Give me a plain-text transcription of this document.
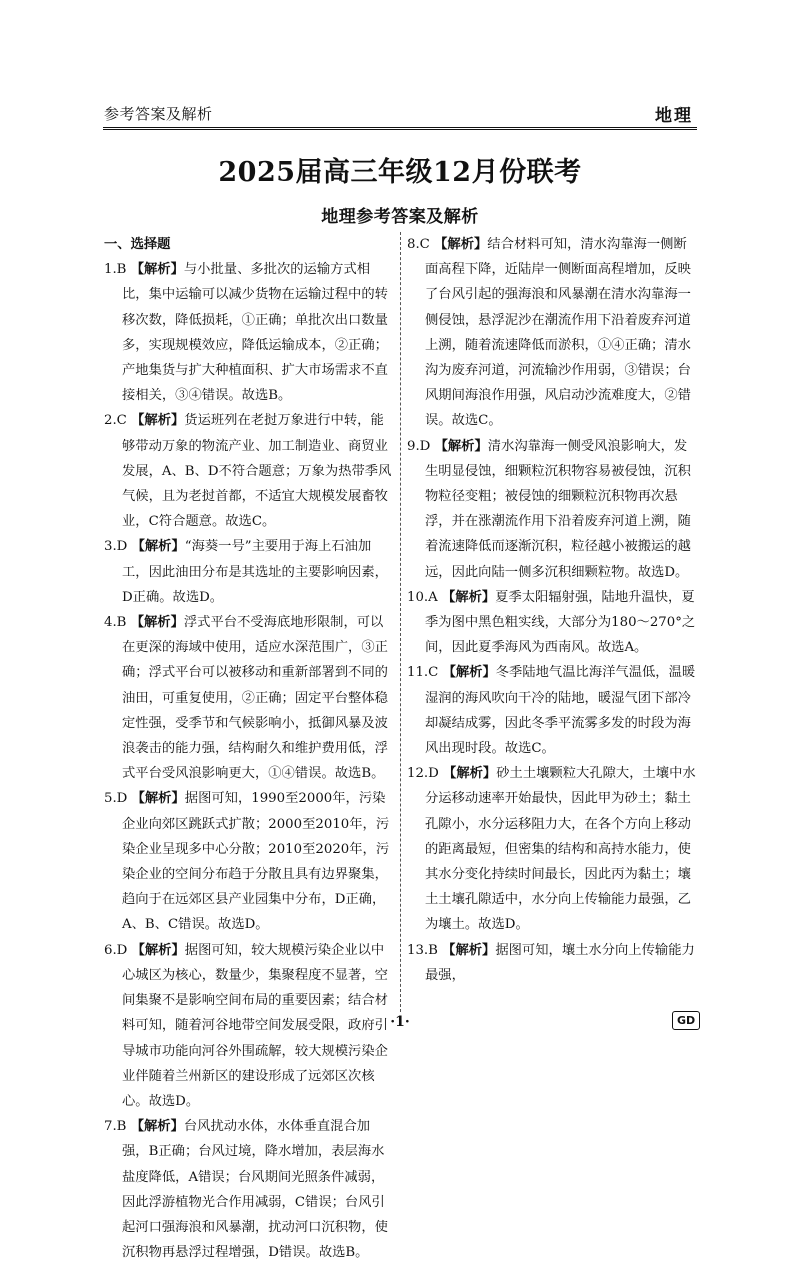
参考答案及解析	地理
2025届高三年级12月份联考
地理参考答案及解析
一、选择题

1.B 【解析】与小批量、多批次的运输方式相比，集中运输可以减少货物在运输过程中的转移次数，降低损耗，①正确；单批次出口数量多，实现规模效应，降低运输成本，②正确；产地集货与扩大种植面积、扩大市场需求不直接相关，③④错误。故选B。

2.C 【解析】货运班列在老挝万象进行中转，能够带动万象的物流产业、加工制造业、商贸业发展，A、B、D不符合题意；万象为热带季风气候，且为老挝首都，不适宜大规模发展畜牧业，C符合题意。故选C。

3.D 【解析】“海葵一号”主要用于海上石油加工，因此油田分布是其选址的主要影响因素，D正确。故选D。

4.B 【解析】浮式平台不受海底地形限制，可以在更深的海域中使用，适应水深范围广，③正确；浮式平台可以被移动和重新部署到不同的油田，可重复使用，②正确；固定平台整体稳定性强，受季节和气候影响小，抵御风暴及波浪袭击的能力强，结构耐久和维护费用低，浮式平台受风浪影响更大，①④错误。故选B。

5.D 【解析】据图可知，1990至2000年，污染企业向郊区跳跃式扩散；2000至2010年，污染企业呈现多中心分散；2010至2020年，污染企业的空间分布趋于分散且具有边界聚集，趋向于在远郊区县产业园集中分布，D正确，A、B、C错误。故选D。

6.D 【解析】据图可知，较大规模污染企业以中心城区为核心，数量少，集聚程度不显著，空间集聚不是影响空间布局的重要因素；结合材料可知，随着河谷地带空间发展受限，政府引导城市功能向河谷外围疏解，较大规模污染企业伴随着兰州新区的建设形成了远郊区次核心。故选D。

7.B 【解析】台风扰动水体，水体垂直混合加强，B正确；台风过境，降水增加，表层海水盐度降低，A错误；台风期间光照条件减弱，因此浮游植物光合作用减弱，C错误；台风引起河口强海浪和风暴潮，扰动河口沉积物，使沉积物再悬浮过程增强，D错误。故选B。

8.C 【解析】结合材料可知，清水沟靠海一侧断面高程下降，近陆岸一侧断面高程增加，反映了台风引起的强海浪和风暴潮在清水沟靠海一侧侵蚀，悬浮泥沙在潮流作用下沿着废弃河道上溯，随着流速降低而淤积，①④正确；清水沟为废弃河道，河流输沙作用弱，③错误；台风期间海浪作用强，风启动沙流难度大，②错误。故选C。

9.D 【解析】清水沟靠海一侧受风浪影响大，发生明显侵蚀，细颗粒沉积物容易被侵蚀，沉积物粒径变粗；被侵蚀的细颗粒沉积物再次悬浮，并在涨潮流作用下沿着废弃河道上溯，随着流速降低而逐渐沉积，粒径越小被搬运的越远，因此向陆一侧多沉积细颗粒物。故选D。

10.A 【解析】夏季太阳辐射强，陆地升温快，夏季为图中黑色粗实线，大部分为180～270°之间，因此夏季海风为西南风。故选A。

11.C 【解析】冬季陆地气温比海洋气温低，温暖湿润的海风吹向干冷的陆地，暖湿气团下部冷却凝结成雾，因此冬季平流雾多发的时段为海风出现时段。故选C。

12.D 【解析】砂土土壤颗粒大孔隙大，土壤中水分运移动速率开始最快，因此甲为砂土；黏土孔隙小，水分运移阻力大，在各个方向上移动的距离最短，但密集的结构和高持水能力，使其水分变化持续时间最长，因此丙为黏土；壤土土壤孔隙适中，水分向上传输能力最强，乙为壤土。故选D。

13.B 【解析】据图可知，壤土水分向上传输能力最强，

·1·	GD
